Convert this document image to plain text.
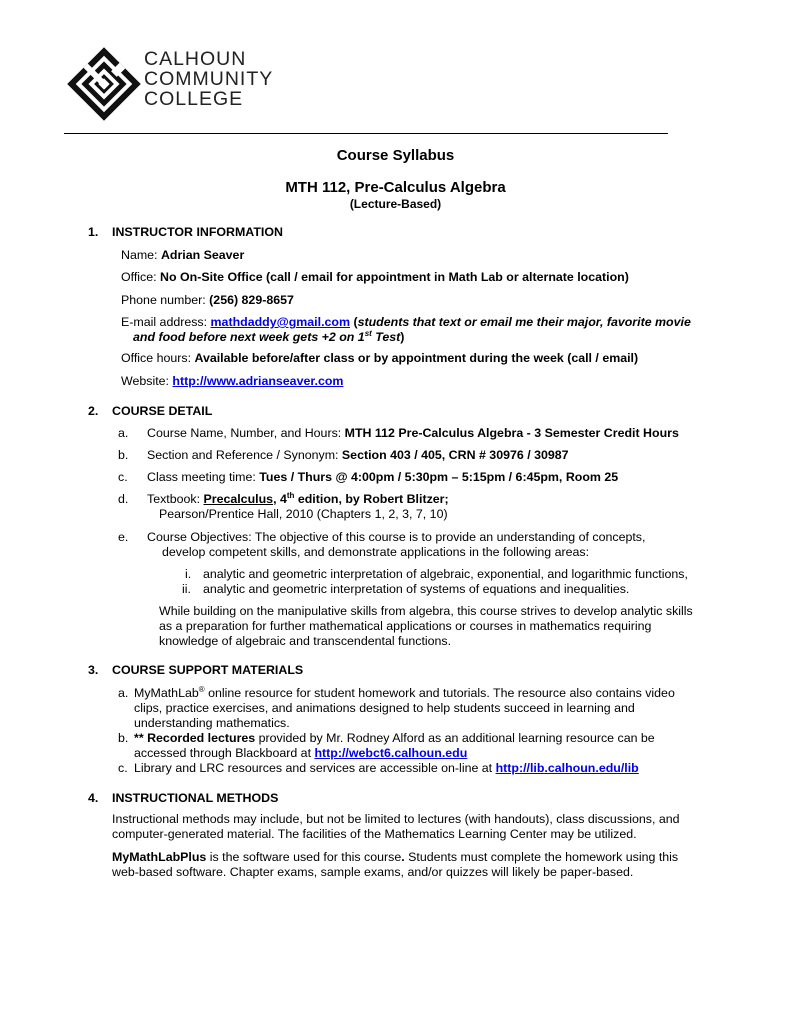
CALHOUN
COMMUNITY
COLLEGE
Course Syllabus
MTH 112, Pre-Calculus Algebra
(Lecture-Based)
1. INSTRUCTOR INFORMATION
Name: Adrian Seaver
Office: No On-Site Office (call / email for appointment in Math Lab or alternate location)
Phone number: (256) 829-8657
E-mail address: mathdaddy@gmail.com (students that text or email me their major, favorite movie
and food before next week gets +2 on 1st Test)
Office hours: Available before/after class or by appointment during the week (call / email)
Website: http://www.adrianseaver.com
2. COURSE DETAIL
a. Course Name, Number, and Hours: MTH 112 Pre-Calculus Algebra - 3 Semester Credit Hours
b. Section and Reference / Synonym: Section 403 / 405, CRN # 30976 / 30987
c. Class meeting time: Tues / Thurs @ 4:00pm / 5:30pm – 5:15pm / 6:45pm, Room 25
d. Textbook: Precalculus, 4th edition, by Robert Blitzer;
Pearson/Prentice Hall, 2010 (Chapters 1, 2, 3, 7, 10)
e. Course Objectives: The objective of this course is to provide an understanding of concepts,
develop competent skills, and demonstrate applications in the following areas:
i. analytic and geometric interpretation of algebraic, exponential, and logarithmic functions,
ii. analytic and geometric interpretation of systems of equations and inequalities.
While building on the manipulative skills from algebra, this course strives to develop analytic skills
as a preparation for further mathematical applications or courses in mathematics requiring
knowledge of algebraic and transcendental functions.
3. COURSE SUPPORT MATERIALS
a. MyMathLab® online resource for student homework and tutorials. The resource also contains video
clips, practice exercises, and animations designed to help students succeed in learning and
understanding mathematics.
b. ** Recorded lectures provided by Mr. Rodney Alford as an additional learning resource can be
accessed through Blackboard at http://webct6.calhoun.edu
c. Library and LRC resources and services are accessible on-line at http://lib.calhoun.edu/lib
4. INSTRUCTIONAL METHODS
Instructional methods may include, but not be limited to lectures (with handouts), class discussions, and
computer-generated material. The facilities of the Mathematics Learning Center may be utilized.
MyMathLabPlus is the software used for this course. Students must complete the homework using this
web-based software. Chapter exams, sample exams, and/or quizzes will likely be paper-based.
